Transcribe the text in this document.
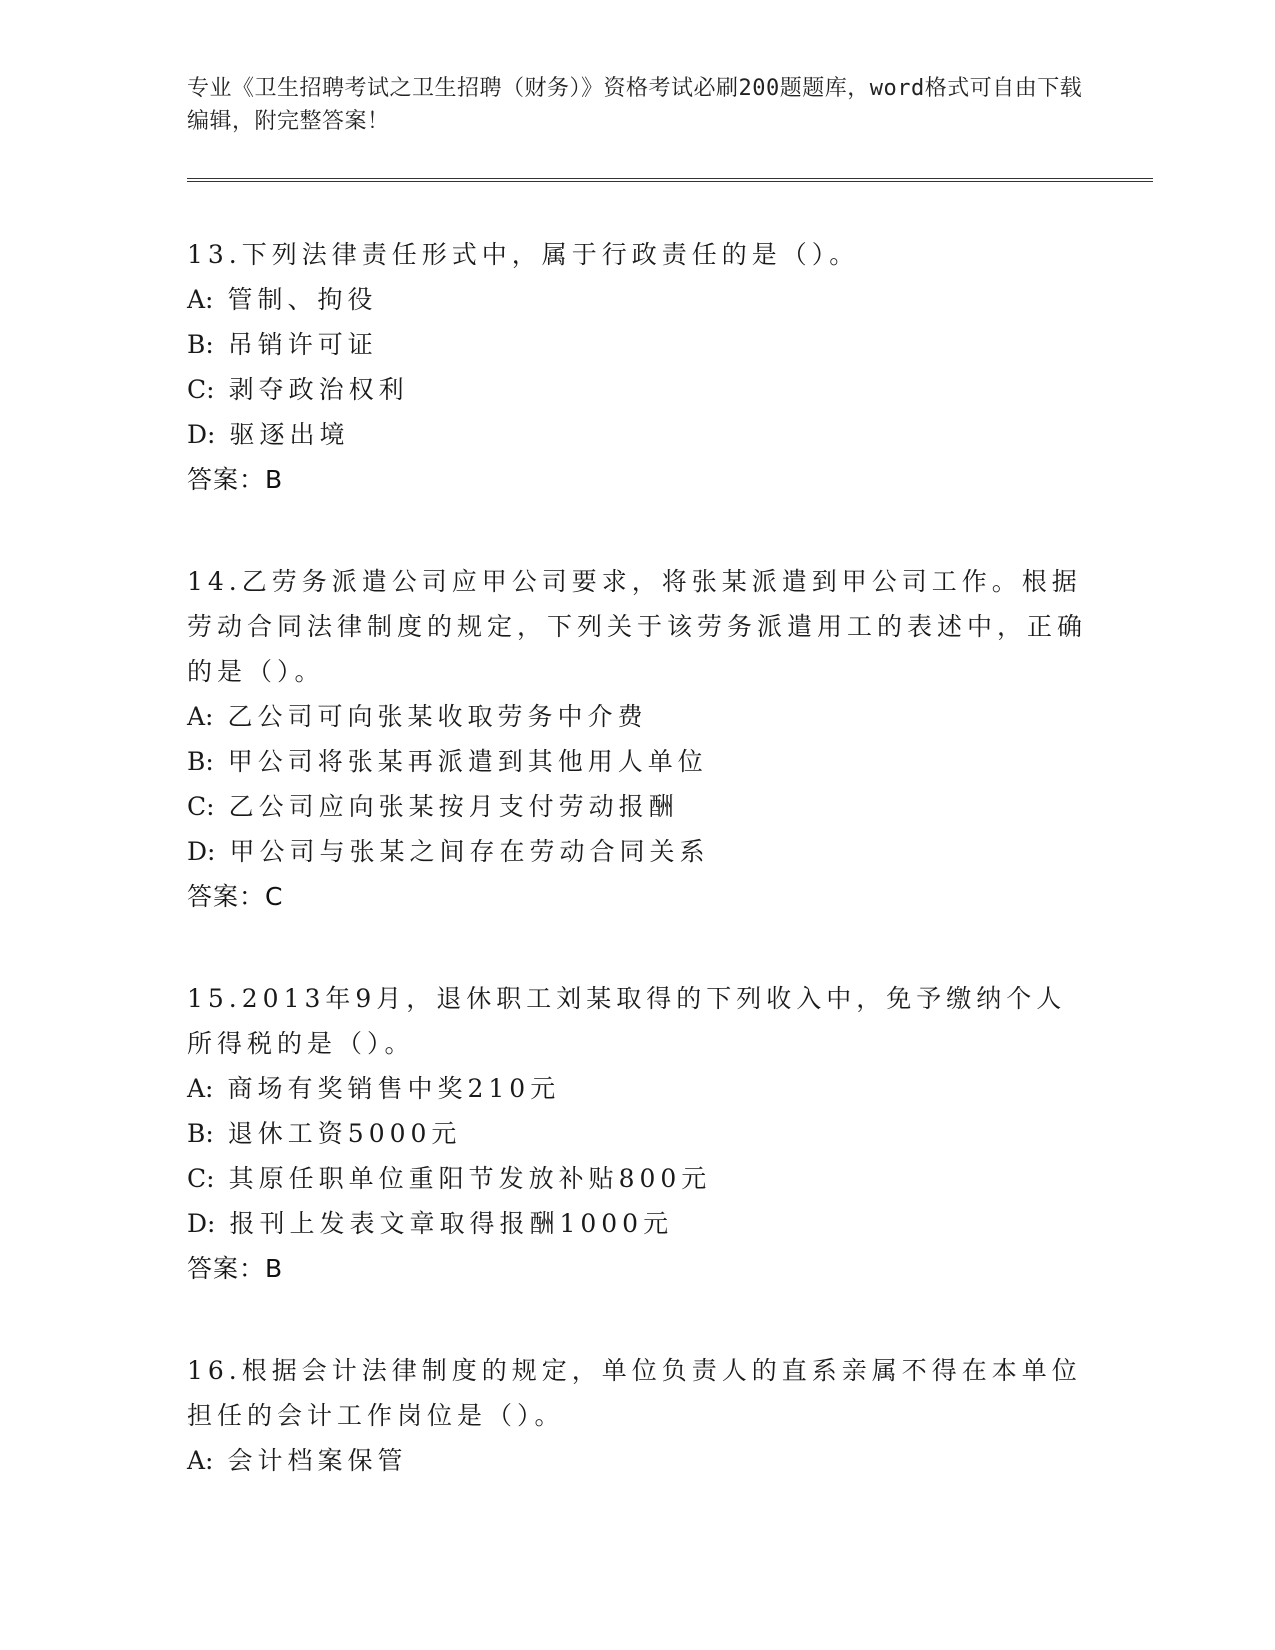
专业《卫生招聘考试之卫生招聘（财务）》资格考试必刷200题题库，word格式可自由下载编辑，附完整答案！
13.下列法律责任形式中，属于行政责任的是（）。
A: 管制、拘役
B: 吊销许可证
C: 剥夺政治权利
D: 驱逐出境
答案：B
14.乙劳务派遣公司应甲公司要求，将张某派遣到甲公司工作。根据劳动合同法律制度的规定，下列关于该劳务派遣用工的表述中，正确的是（）。
A: 乙公司可向张某收取劳务中介费
B: 甲公司将张某再派遣到其他用人单位
C: 乙公司应向张某按月支付劳动报酬
D: 甲公司与张某之间存在劳动合同关系
答案：C
15.2013年9月，退休职工刘某取得的下列收入中，免予缴纳个人所得税的是（）。
A: 商场有奖销售中奖210元
B: 退休工资5000元
C: 其原任职单位重阳节发放补贴800元
D: 报刊上发表文章取得报酬1000元
答案：B
16.根据会计法律制度的规定，单位负责人的直系亲属不得在本单位担任的会计工作岗位是（）。
A: 会计档案保管
